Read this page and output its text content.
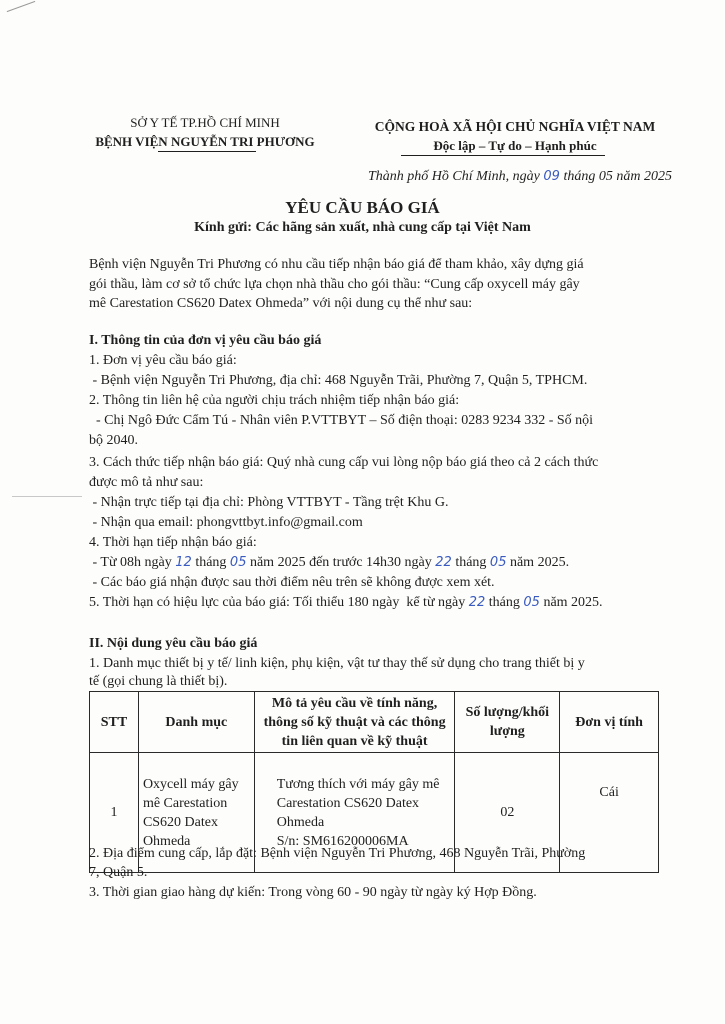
SỞ Y TẾ TP.HỒ CHÍ MINH
BỆNH VIỆN NGUYỄN TRI PHƯƠNG
CỘNG HOÀ XÃ HỘI CHỦ NGHĨA VIỆT NAM
Độc lập – Tự do – Hạnh phúc
Thành phố Hồ Chí Minh, ngày 09 tháng 05 năm 2025
YÊU CẦU BÁO GIÁ
Kính gửi: Các hãng sản xuất, nhà cung cấp tại Việt Nam
Bệnh viện Nguyễn Tri Phương có nhu cầu tiếp nhận báo giá để tham khảo, xây dựng giá
gói thầu, làm cơ sở tổ chức lựa chọn nhà thầu cho gói thầu: “Cung cấp oxycell máy gây
mê Carestation CS620 Datex Ohmeda” với nội dung cụ thể như sau:
I. Thông tin của đơn vị yêu cầu báo giá
1. Đơn vị yêu cầu báo giá:
- Bệnh viện Nguyễn Tri Phương, địa chỉ: 468 Nguyễn Trãi, Phường 7, Quận 5, TPHCM.
2. Thông tin liên hệ của người chịu trách nhiệm tiếp nhận báo giá:
- Chị Ngô Đức Cẩm Tú - Nhân viên P.VTTBYT – Số điện thoại: 0283 9234 332 - Số nội
bộ 2040.
3. Cách thức tiếp nhận báo giá: Quý nhà cung cấp vui lòng nộp báo giá theo cả 2 cách thức
được mô tả như sau:
- Nhận trực tiếp tại địa chỉ: Phòng VTTBYT - Tầng trệt Khu G.
- Nhận qua email: phongvttbyt.info@gmail.com
4. Thời hạn tiếp nhận báo giá:
- Từ 08h ngày 12 tháng 05 năm 2025 đến trước 14h30 ngày 22 tháng 05 năm 2025.
- Các báo giá nhận được sau thời điểm nêu trên sẽ không được xem xét.
5. Thời hạn có hiệu lực của báo giá: Tối thiểu 180 ngày  kể từ ngày 22 tháng 05 năm 2025.
II. Nội dung yêu cầu báo giá
1. Danh mục thiết bị y tế/ linh kiện, phụ kiện, vật tư thay thế sử dụng cho trang thiết bị y
tế (gọi chung là thiết bị).
STT	Danh mục	Mô tả yêu cầu về tính năng, thông số kỹ thuật và các thông tin liên quan về kỹ thuật	Số lượng/khối lượng	Đơn vị tính
1	Oxycell máy gây mê Carestation CS620 Datex Ohmeda	Tương thích với máy gây mê
Carestation CS620 Datex
Ohmeda
S/n: SM616200006MA	02	Cái
2. Địa điểm cung cấp, lắp đặt: Bệnh viện Nguyễn Tri Phương, 468 Nguyễn Trãi, Phường
7, Quận 5.
3. Thời gian giao hàng dự kiến: Trong vòng 60 - 90 ngày từ ngày ký Hợp Đồng.
